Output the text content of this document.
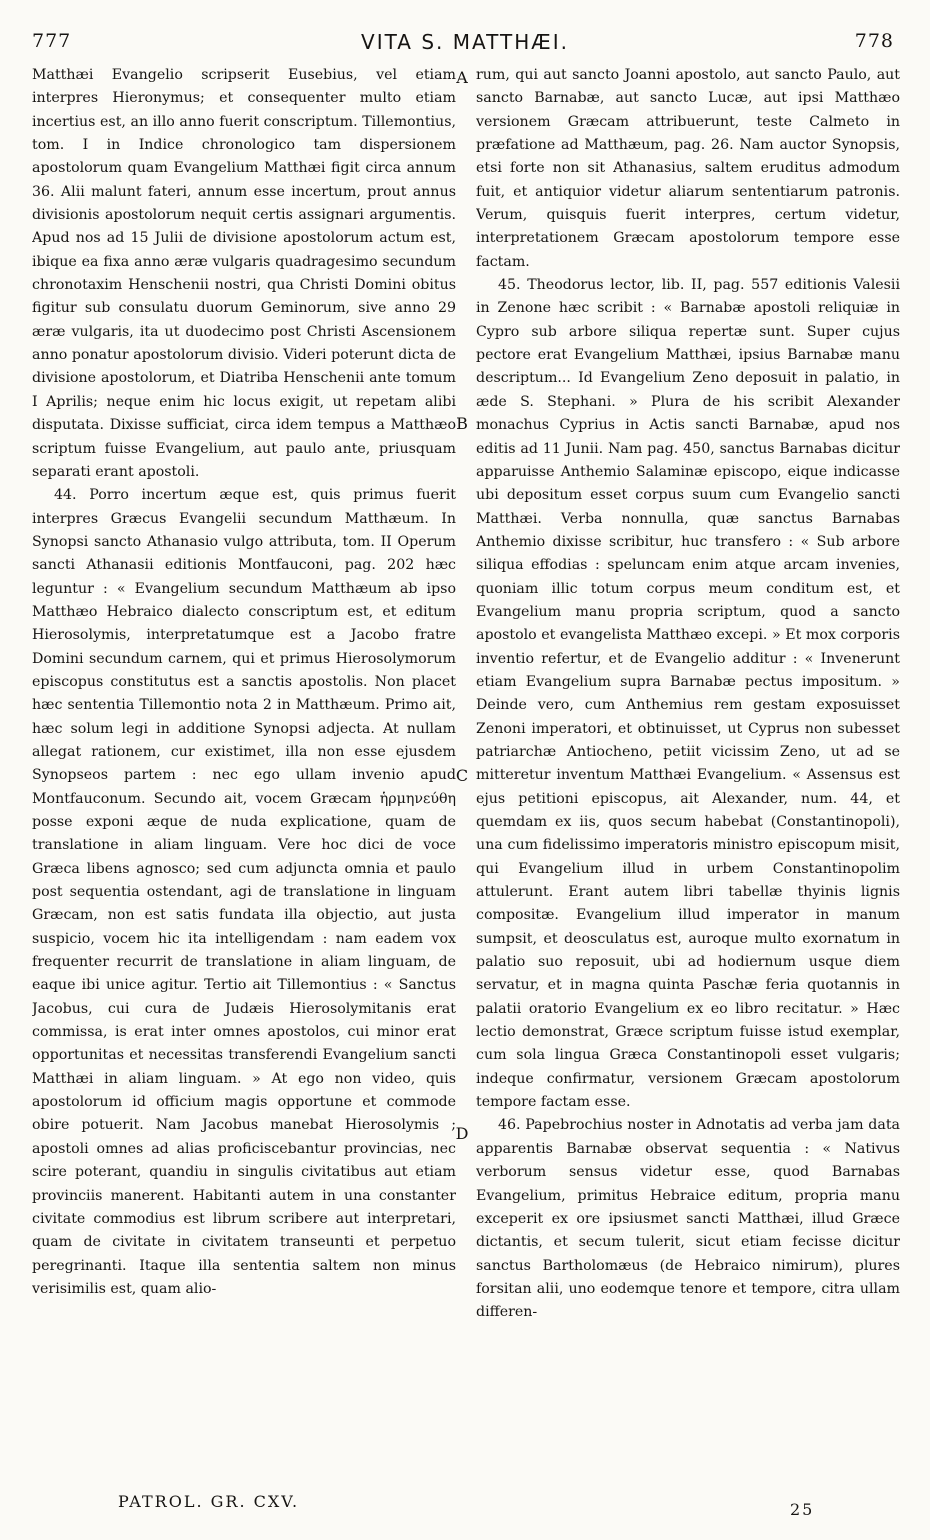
777	VITA S. MATTHÆI.	778

Matthæi Evangelio scripserit Eusebius, vel etiam interpres Hieronymus; et consequenter multo etiam incertius est, an illo anno fuerit conscriptum. Tillemontius, tom. I in Indice chronologico tam dispersionem apostolorum quam Evangelium Matthæi figit circa annum 36. Alii malunt fateri, annum esse incertum, prout annus divisionis apostolorum nequit certis assignari argumentis. Apud nos ad 15 Julii de divisione apostolorum actum est, ibique ea fixa anno æræ vulgaris quadragesimo secundum chronotaxim Henschenii nostri, qua Christi Domini obitus figitur sub consulatu duorum Geminorum, sive anno 29 æræ vulgaris, ita ut duodecimo post Christi Ascensionem anno ponatur apostolorum divisio. Videri poterunt dicta de divisione apostolorum, et Diatriba Henschenii ante tomum I Aprilis; neque enim hic locus exigit, ut repetam alibi disputata. Dixisse sufficiat, circa idem tempus a Matthæo scriptum fuisse Evangelium, aut paulo ante, priusquam separati erant apostoli.

44. Porro incertum æque est, quis primus fuerit interpres Græcus Evangelii secundum Matthæum. In Synopsi sancto Athanasio vulgo attributa, tom. II Operum sancti Athanasii editionis Montfauconi, pag. 202 hæc leguntur : « Evangelium secundum Matthæum ab ipso Matthæo Hebraico dialecto conscriptum est, et editum Hierosolymis, interpretatumque est a Jacobo fratre Domini secundum carnem, qui et primus Hierosolymorum episcopus constitutus est a sanctis apostolis. Non placet hæc sententia Tillemontio nota 2 in Matthæum. Primo ait, hæc solum legi in additione Synopsi adjecta. At nullam allegat rationem, cur existimet, illa non esse ejusdem Synopseos partem : nec ego ullam invenio apud Montfauconum. Secundo ait, vocem Græcam ἡρμηνεύθη posse exponi æque de nuda explicatione, quam de translatione in aliam linguam. Vere hoc dici de voce Græca libens agnosco; sed cum adjuncta omnia et paulo post sequentia ostendant, agi de translatione in linguam Græcam, non est satis fundata illa objectio, aut justa suspicio, vocem hic ita intelligendam : nam eadem vox frequenter recurrit de translatione in aliam linguam, de eaque ibi unice agitur. Tertio ait Tillemontius : « Sanctus Jacobus, cui cura de Judæis Hierosolymitanis erat commissa, is erat inter omnes apostolos, cui minor erat opportunitas et necessitas transferendi Evangelium sancti Matthæi in aliam linguam. » At ego non video, quis apostolorum id officium magis opportune et commode obire potuerit. Nam Jacobus manebat Hierosolymis ; apostoli omnes ad alias proficiscebantur provincias, nec scire poterant, quandiu in singulis civitatibus aut etiam provinciis manerent. Habitanti autem in una constanter civitate commodius est librum scribere aut interpretari, quam de civitate in civitatem transeunti et perpetuo peregrinanti. Itaque illa sententia saltem non minus verisimilis est, quam alio-

rum, qui aut sancto Joanni apostolo, aut sancto Paulo, aut sancto Barnabæ, aut sancto Lucæ, aut ipsi Matthæo versionem Græcam attribuerunt, teste Calmeto in præfatione ad Matthæum, pag. 26. Nam auctor Synopsis, etsi forte non sit Athanasius, saltem eruditus admodum fuit, et antiquior videtur aliarum sententiarum patronis. Verum, quisquis fuerit interpres, certum videtur, interpretationem Græcam apostolorum tempore esse factam.

45. Theodorus lector, lib. II, pag. 557 editionis Valesii in Zenone hæc scribit : « Barnabæ apostoli reliquiæ in Cypro sub arbore siliqua repertæ sunt. Super cujus pectore erat Evangelium Matthæi, ipsius Barnabæ manu descriptum... Id Evangelium Zeno deposuit in palatio, in æde S. Stephani. » Plura de his scribit Alexander monachus Cyprius in Actis sancti Barnabæ, apud nos editis ad 11 Junii. Nam pag. 450, sanctus Barnabas dicitur apparuisse Anthemio Salaminæ episcopo, eique indicasse ubi depositum esset corpus suum cum Evangelio sancti Matthæi. Verba nonnulla, quæ sanctus Barnabas Anthemio dixisse scribitur, huc transfero : « Sub arbore siliqua effodias : speluncam enim atque arcam invenies, quoniam illic totum corpus meum conditum est, et Evangelium manu propria scriptum, quod a sancto apostolo et evangelista Matthæo excepi. » Et mox corporis inventio refertur, et de Evangelio additur : « Invenerunt etiam Evangelium supra Barnabæ pectus impositum. » Deinde vero, cum Anthemius rem gestam exposuisset Zenoni imperatori, et obtinuisset, ut Cyprus non subesset patriarchæ Antiocheno, petiit vicissim Zeno, ut ad se mitteretur inventum Matthæi Evangelium. « Assensus est ejus petitioni episcopus, ait Alexander, num. 44, et quemdam ex iis, quos secum habebat (Constantinopoli), una cum fidelissimo imperatoris ministro episcopum misit, qui Evangelium illud in urbem Constantinopolim attulerunt. Erant autem libri tabellæ thyinis lignis compositæ. Evangelium illud imperator in manum sumpsit, et deosculatus est, auroque multo exornatum in palatio suo reposuit, ubi ad hodiernum usque diem servatur, et in magna quinta Paschæ feria quotannis in palatii oratorio Evangelium ex eo libro recitatur. » Hæc lectio demonstrat, Græce scriptum fuisse istud exemplar, cum sola lingua Græca Constantinopoli esset vulgaris; indeque confirmatur, versionem Græcam apostolorum tempore factam esse.

46. Papebrochius noster in Adnotatis ad verba jam data apparentis Barnabæ observat sequentia : « Nativus verborum sensus videtur esse, quod Barnabas Evangelium, primitus Hebraice editum, propria manu exceperit ex ore ipsiusmet sancti Matthæi, illud Græce dictantis, et secum tulerit, sicut etiam fecisse dicitur sanctus Bartholomæus (de Hebraico nimirum), plures forsitan alii, uno eodemque tenore et tempore, citra ullam differen-

A
B
C
D
PATROL. GR. CXV.	25
